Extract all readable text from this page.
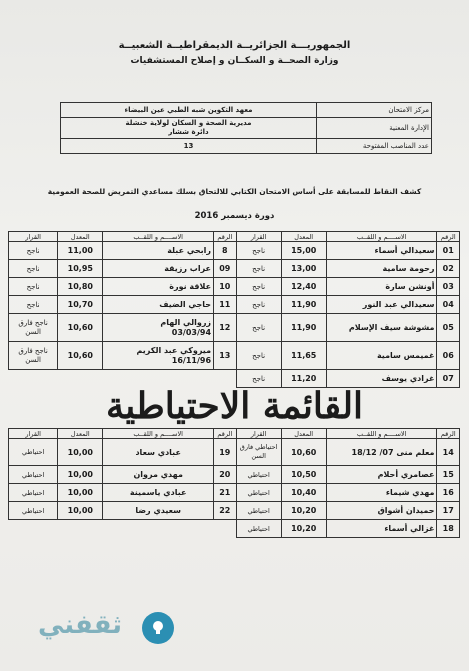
الجمهوريـــة الجزائريــة الديمقراطيــة الشعبيــة
وزارة الصحــة و السكــان و إصلاح المستشفيات
مركز الامتحان	معهد التكوين شبه الطبي عين البيضاء
الإدارة المعنية	مديرية الصحة و السكان لولاية خنشلة
دائرة ششار

عدد المناصب المفتوحة	13
كشف النقاط للمسابقة على أساس الامتحان الكتابي للالتحاق بسلك مساعدي التمريض للصحة العمومية
دورة ديسمبر 2016
الرقم	الاســــم و اللقــب	المعدل	القرار	الرقم	الاســــم و اللقــب	المعدل	القرار
01	سعيدالي أسماء	15,00	ناجح	8	رابحي عبلة	11,00	ناجح
02	رحومة سامية	13,00	ناجح	09	عراب رزيقة	10,95	ناجح
03	أونشن سارة	12,40	ناجح	10	علاقة نورة	10,80	ناجح
04	سعيدالي عبد النور	11,90	ناجح	11	حاجي الضيف	10,70	ناجح
05	مشوشة سيف الإسلام	11,90	ناجح	12	زروالي الهام
03/03/94	10,60	ناجح فارق السن
06	غميمس سامية	11,65	ناجح	13	ميروكي عبد الكريم
16/11/96	10,60	ناجح فارق السن
07	غرادي يوسف	11,20	ناجح				
القائمة الاحتياطية
الرقم	الاســــم و اللقــب	المعدل	القرار	الرقم	الاســــم و اللقــب	المعدل	القرار
14	معلم منى 07/ 18/12	10,60	احتياطي فارق السن	19	عبادي سعاد	10,00	احتياطي
15	عصامري أحلام	10,50	احتياطي	20	مهدي مروان	10,00	احتياطي
16	مهدي شيماء	10,40	احتياطي	21	عبادي ياسمينة	10,00	احتياطي
17	حميدان أشواق	10,20	احتياطي	22	سعيدي رضا	10,00	احتياطي
18	غزالي أسماء	10,20	احتياطي				
ثقفني
